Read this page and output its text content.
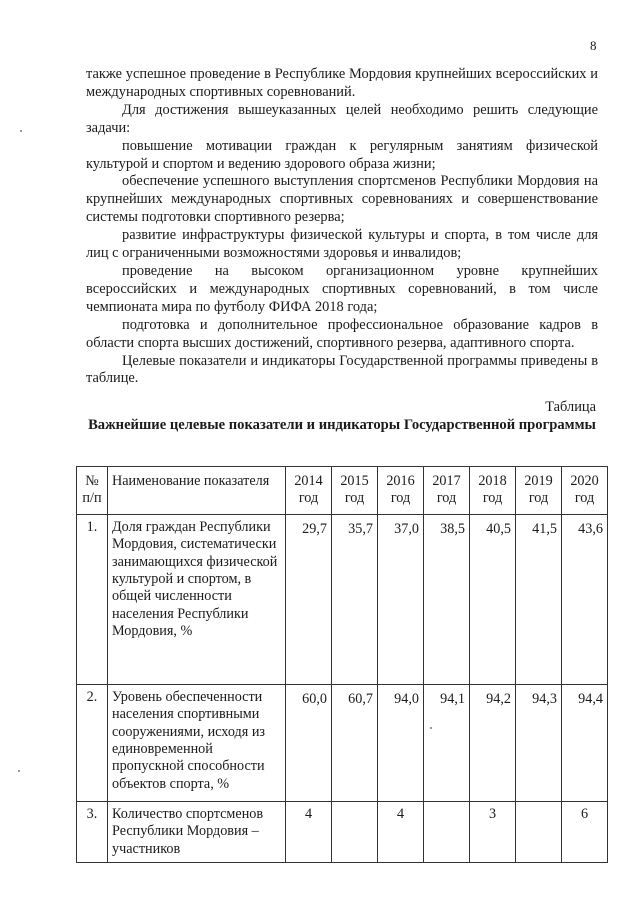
8

также успешное проведение в Республике Мордовия крупнейших всероссийских и международных спортивных соревнований.

Для достижения вышеуказанных целей необходимо решить следующие задачи:

повышение мотивации граждан к регулярным занятиям физической культурой и спортом и ведению здорового образа жизни;

обеспечение успешного выступления спортсменов Республики Мордовия на крупнейших международных спортивных соревнованиях и совершенствование системы подготовки спортивного резерва;

развитие инфраструктуры физической культуры и спорта, в том числе для лиц с ограниченными возможностями здоровья и инвалидов;

проведение на высоком организационном уровне крупнейших всероссийских и международных спортивных соревнований, в том числе чемпионата мира по футболу ФИФА 2018 года;

подготовка и дополнительное профессиональное образование кадров в области спорта высших достижений, спортивного резерва, адаптивного спорта.

Целевые показатели и индикаторы Государственной программы приведены в таблице.

Таблица
Важнейшие целевые показатели и индикаторы Государственной программы
№ п/п	Наименование показателя	2014 год	2015 год	2016 год	2017 год	2018 год	2019 год	2020 год
1.	Доля граждан Республики Мордовия, систематически занимающихся физической культурой и спортом, в общей численности населения Республики Мордовия, %	29,7	35,7	37,0	38,5	40,5	41,5	43,6
2.	Уровень обеспеченности населения спортивными сооружениями, исходя из единовременной пропускной способности объектов спорта, %	60,0	60,7	94,0	94,1	94,2	94,3	94,4
3.	Количество спортсменов Республики Мордовия – участников	4		4		3		6
